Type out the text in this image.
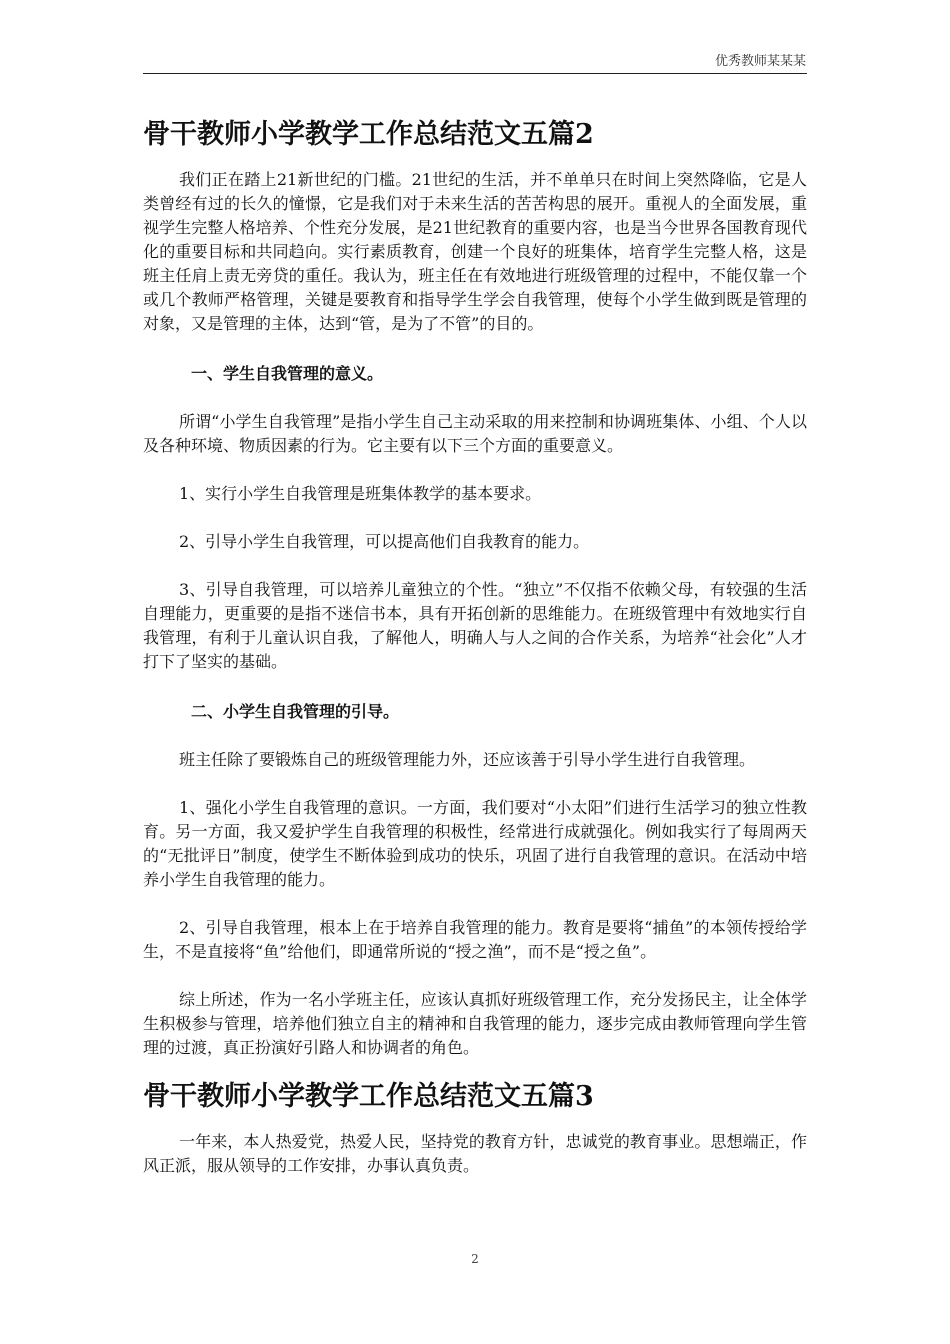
优秀教师某某某
骨干教师小学教学工作总结范文五篇2

我们正在踏上21新世纪的门槛。21世纪的生活，并不单单只在时间上突然降临，它是人类曾经有过的长久的憧憬，它是我们对于未来生活的苦苦构思的展开。重视人的全面发展，重视学生完整人格培养、个性充分发展，是21世纪教育的重要内容，也是当今世界各国教育现代化的重要目标和共同趋向。实行素质教育，创建一个良好的班集体，培育学生完整人格，这是班主任肩上责无旁贷的重任。我认为，班主任在有效地进行班级管理的过程中，不能仅靠一个或几个教师严格管理，关键是要教育和指导学生学会自我管理，使每个小学生做到既是管理的对象，又是管理的主体，达到“管，是为了不管”的目的。

一、学生自我管理的意义。

所谓“小学生自我管理”是指小学生自己主动采取的用来控制和协调班集体、小组、个人以及各种环境、物质因素的行为。它主要有以下三个方面的重要意义。

1、实行小学生自我管理是班集体教学的基本要求。

2、引导小学生自我管理，可以提高他们自我教育的能力。

3、引导自我管理，可以培养儿童独立的个性。“独立”不仅指不依赖父母，有较强的生活自理能力，更重要的是指不迷信书本，具有开拓创新的思维能力。在班级管理中有效地实行自我管理，有利于儿童认识自我，了解他人，明确人与人之间的合作关系，为培养“社会化”人才打下了坚实的基础。

二、小学生自我管理的引导。

班主任除了要锻炼自己的班级管理能力外，还应该善于引导小学生进行自我管理。

1、强化小学生自我管理的意识。一方面，我们要对“小太阳”们进行生活学习的独立性教育。另一方面，我又爱护学生自我管理的积极性，经常进行成就强化。例如我实行了每周两天的“无批评日”制度，使学生不断体验到成功的快乐，巩固了进行自我管理的意识。在活动中培养小学生自我管理的能力。

2、引导自我管理，根本上在于培养自我管理的能力。教育是要将“捕鱼”的本领传授给学生，不是直接将“鱼”给他们，即通常所说的“授之渔”，而不是“授之鱼”。

综上所述，作为一名小学班主任，应该认真抓好班级管理工作，充分发扬民主，让全体学生积极参与管理，培养他们独立自主的精神和自我管理的能力，逐步完成由教师管理向学生管理的过渡，真正扮演好引路人和协调者的角色。

骨干教师小学教学工作总结范文五篇3

一年来，本人热爱党，热爱人民，坚持党的教育方针，忠诚党的教育事业。思想端正，作风正派，服从领导的工作安排，办事认真负责。

2
